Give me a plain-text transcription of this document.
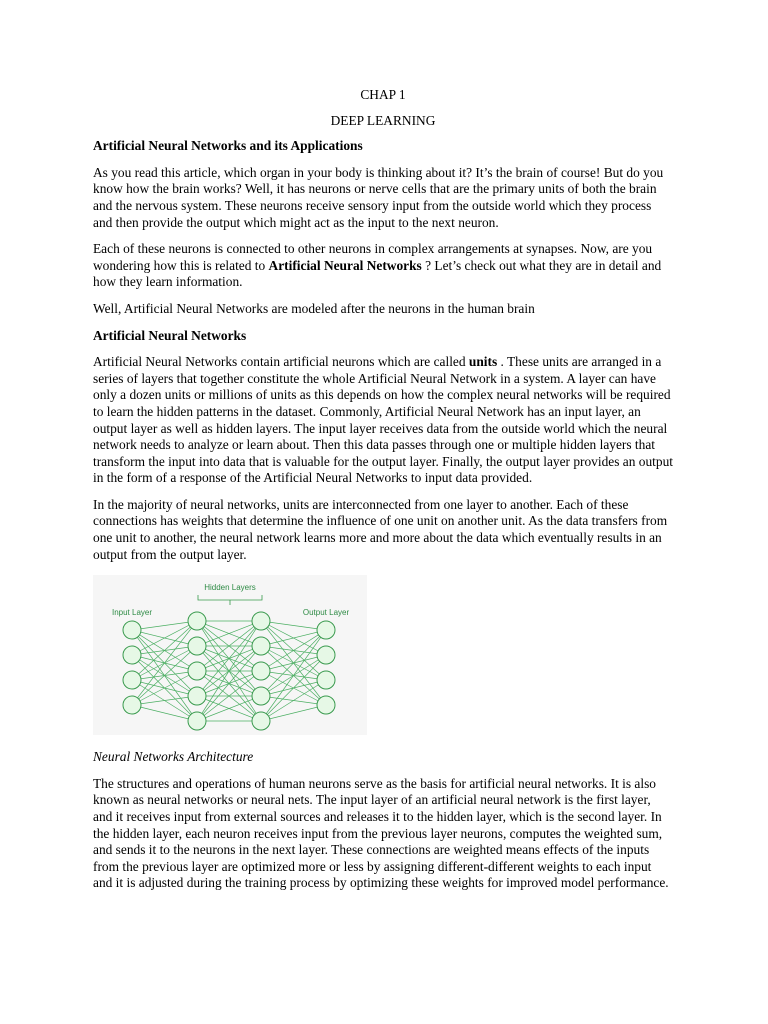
CHAP 1

DEEP LEARNING

Artificial Neural Networks and its Applications

As you read this article, which organ in your body is thinking about it? It’s the brain of course! But do you know how the brain works? Well, it has neurons or nerve cells that are the primary units of both the brain and the nervous system. These neurons receive sensory input from the outside world which they process and then provide the output which might act as the input to the next neuron.

Each of these neurons is connected to other neurons in complex arrangements at synapses. Now, are you wondering how this is related to Artificial Neural Networks ? Let’s check out what they are in detail and how they learn information.

Well, Artificial Neural Networks are modeled after the neurons in the human brain

Artificial Neural Networks

Artificial Neural Networks contain artificial neurons which are called units . These units are arranged in a series of layers that together constitute the whole Artificial Neural Network in a system. A layer can have only a dozen units or millions of units as this depends on how the complex neural networks will be required to learn the hidden patterns in the dataset. Commonly, Artificial Neural Network has an input layer, an output layer as well as hidden layers. The input layer receives data from the outside world which the neural network needs to analyze or learn about. Then this data passes through one or multiple hidden layers that transform the input into data that is valuable for the output layer. Finally, the output layer provides an output in the form of a response of the Artificial Neural Networks to input data provided.

In the majority of neural networks, units are interconnected from one layer to another. Each of these connections has weights that determine the influence of one unit on another unit. As the data transfers from one unit to another, the neural network learns more and more about the data which eventually results in an output from the output layer.

Hidden Layers
Input Layer	Output Layer

Neural Networks Architecture

The structures and operations of human neurons serve as the basis for artificial neural networks. It is also known as neural networks or neural nets. The input layer of an artificial neural network is the first layer, and it receives input from external sources and releases it to the hidden layer, which is the second layer. In the hidden layer, each neuron receives input from the previous layer neurons, computes the weighted sum, and sends it to the neurons in the next layer. These connections are weighted means effects of the inputs from the previous layer are optimized more or less by assigning different-different weights to each input and it is adjusted during the training process by optimizing these weights for improved model performance.
